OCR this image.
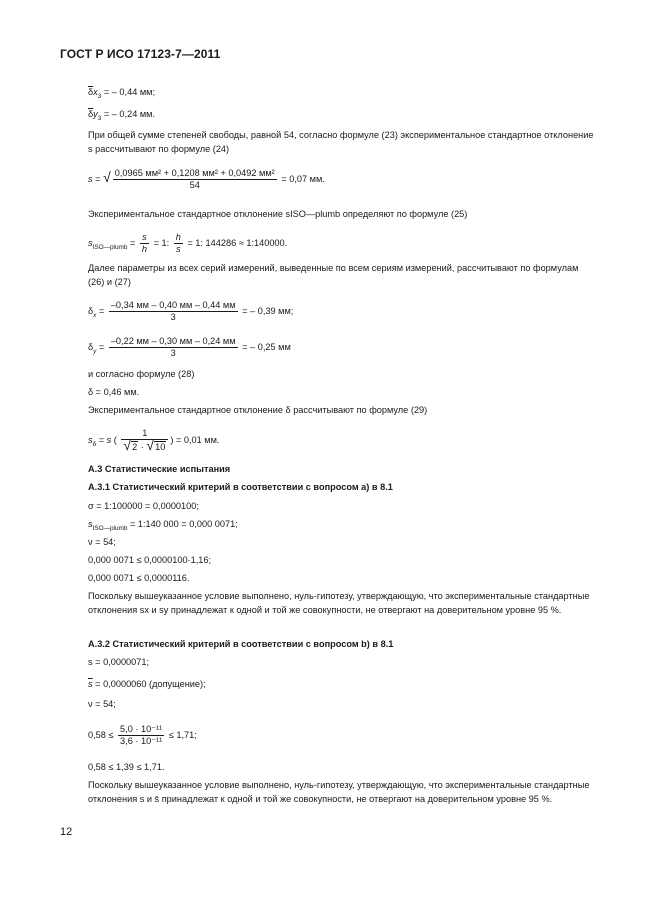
ГОСТ Р ИСО 17123-7—2011
$\overline{\delta}x_3$ = – 0,44 мм;
$\overline{\delta}y_3$ = – 0,24 мм.
При общей сумме степеней свободы, равной 54, согласно формуле (23) экспериментальное стандартное отклонение s рассчитывают по формуле (24)
s = √ $\frac{\text{0,0965 мм² + 0,1208 мм² + 0,0492 мм²}}{54} = 0,07$ мм.
Экспериментальное стандартное отклонение sISO—plumb определяют по формуле (25)
$s_{ISO—plumb} = \frac{s}{h} = 1$: $\frac{h}{s} = 1$: 144286 ≈ 1:140000.
Далее параметры из всех серий измерений, выведенные по всем сериям измерений, рассчитывают по формулам (26) и (27)
$\delta_x = \frac{-0,34 мм - 0,40 мм - 0,44 мм}{3}$ = – 0,39 мм;
$\delta_y = \frac{-0,22 мм - 0,30 мм - 0,24 мм}{3}$ = – 0,25 мм
и согласно формуле (28)
δ = 0,46 мм.
Экспериментальное стандартное отклонение δ рассчитывают по формуле (29)
$s_\delta = s$ ( $\frac{1}{√2 \cdot √10}$ ) = 0,01 мм.
A.3 Статистические испытания
A.3.1 Статистический критерий в соответствии с вопросом a) в 8.1
σ = 1:100000 = 0,0000100;
$s_{ISO—plumb}$ = 1:140 000 = 0,000 0071;
ν = 54;
0,000 0071 ≤ 0,0000100·1,16;
0,000 0071 ≤ 0,0000116.
Поскольку вышеуказанное условие выполнено, нуль-гипотезу, утверждающую, что экспериментальные стандартные отклонения sx и sy принадлежат к одной и той же совокупности, не отвергают на доверительном уровне 95 %.
A.3.2 Статистический критерий в соответствии с вопросом b) в 8.1
s = 0,0000071;
$\overline{s} = 0,0000060$ (допущение);
ν = 54;
$0,58 \le \frac{\text{5,0 · 10⁻¹¹}}{\text{3,6 · 10⁻¹¹}} \le 1,71$;
0,58 ≤ 1,39 ≤ 1,71.
Поскольку вышеуказанное условие выполнено, нуль-гипотезу, утверждающую, что экспериментальные стандартные отклонения s и s̄ принадлежат к одной и той же совокупности, не отвергают на доверительном уровне 95 %.
12
